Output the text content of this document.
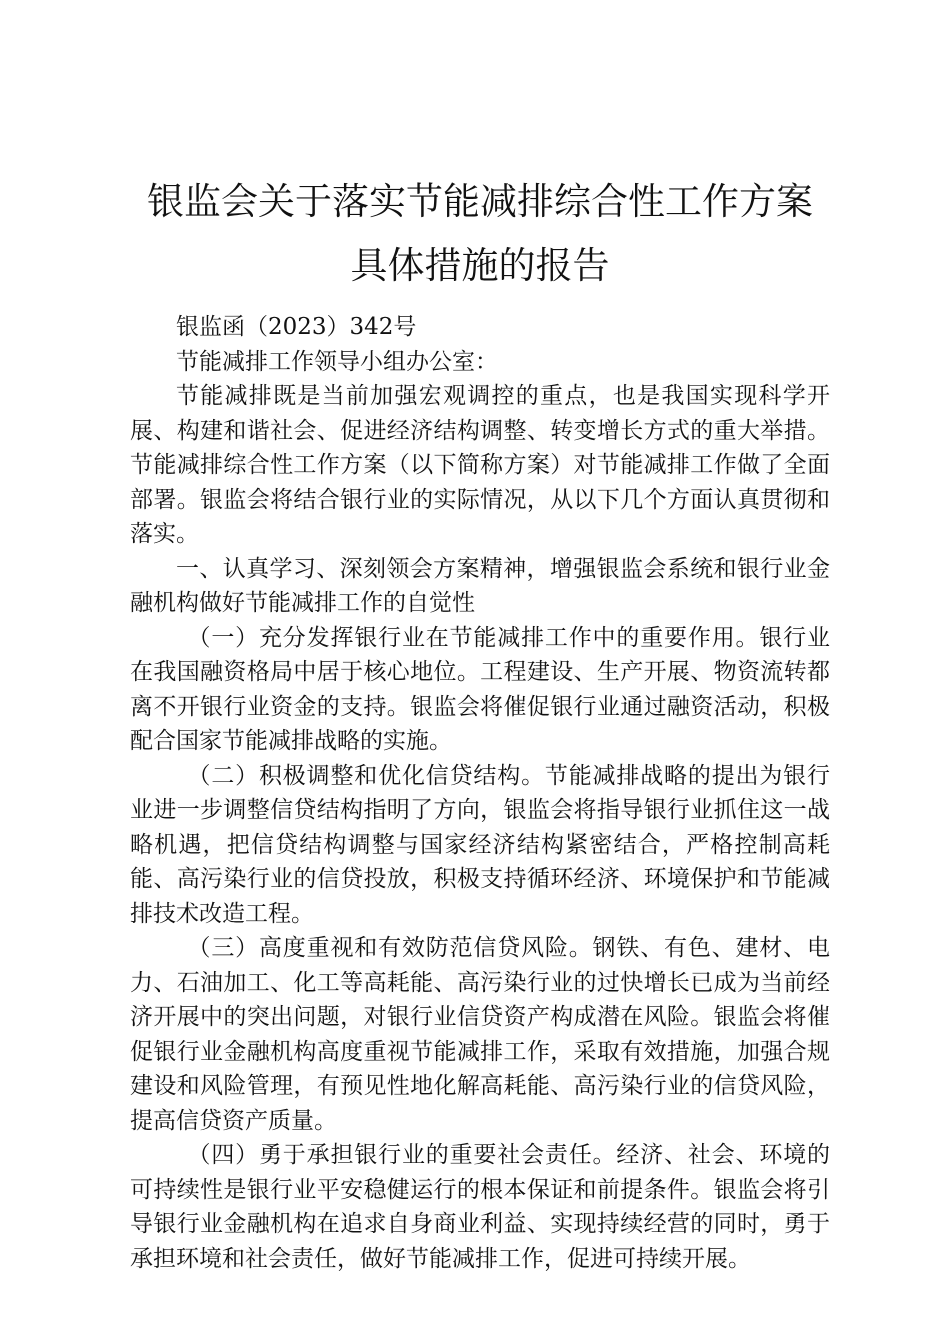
银监会关于落实节能减排综合性工作方案具体措施的报告

银监函（2023）342号

节能减排工作领导小组办公室：

节能减排既是当前加强宏观调控的重点，也是我国实现科学开展、构建和谐社会、促进经济结构调整、转变增长方式的重大举措。节能减排综合性工作方案（以下简称方案）对节能减排工作做了全面部署。银监会将结合银行业的实际情况，从以下几个方面认真贯彻和落实。

一、认真学习、深刻领会方案精神，增强银监会系统和银行业金融机构做好节能减排工作的自觉性

（一）充分发挥银行业在节能减排工作中的重要作用。银行业在我国融资格局中居于核心地位。工程建设、生产开展、物资流转都离不开银行业资金的支持。银监会将催促银行业通过融资活动，积极配合国家节能减排战略的实施。

（二）积极调整和优化信贷结构。节能减排战略的提出为银行业进一步调整信贷结构指明了方向，银监会将指导银行业抓住这一战略机遇，把信贷结构调整与国家经济结构紧密结合，严格控制高耗能、高污染行业的信贷投放，积极支持循环经济、环境保护和节能减排技术改造工程。

（三）高度重视和有效防范信贷风险。钢铁、有色、建材、电力、石油加工、化工等高耗能、高污染行业的过快增长已成为当前经济开展中的突出问题，对银行业信贷资产构成潜在风险。银监会将催促银行业金融机构高度重视节能减排工作，采取有效措施，加强合规建设和风险管理，有预见性地化解高耗能、高污染行业的信贷风险，提高信贷资产质量。

（四）勇于承担银行业的重要社会责任。经济、社会、环境的可持续性是银行业平安稳健运行的根本保证和前提条件。银监会将引导银行业金融机构在追求自身商业利益、实现持续经营的同时，勇于承担环境和社会责任，做好节能减排工作，促进可持续开展。
